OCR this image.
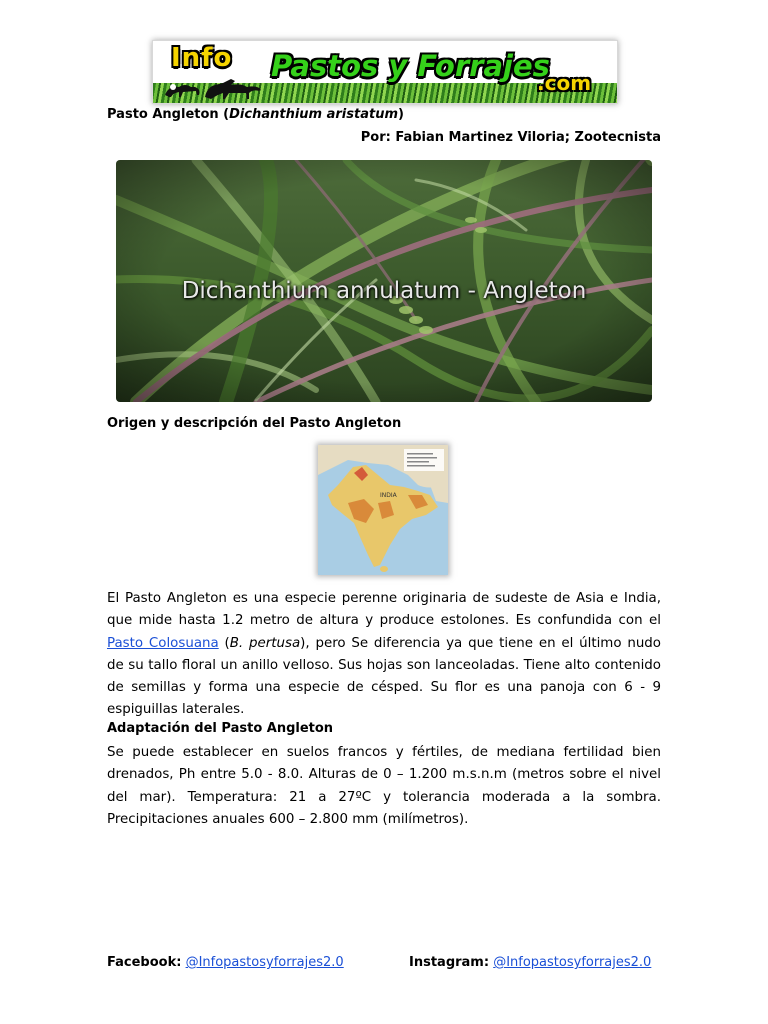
Info Pastos y Forrajes
.com
Pasto Angleton (Dichanthium aristatum)
Por: Fabian Martinez Viloria; Zootecnista
Dichanthium annulatum - Angleton
Origen y descripción del Pasto Angleton
INDIA
El Pasto Angleton es una especie perenne originaria de sudeste de Asia e India, que mide hasta 1.2 metro de altura y produce estolones. Es confundida con el Pasto Colosuana (B. pertusa), pero Se diferencia ya que tiene en el último nudo de su tallo floral un anillo velloso. Sus hojas son lanceoladas. Tiene alto contenido de semillas y forma una especie de césped. Su flor es una panoja con 6 - 9 espiguillas laterales.
Adaptación del Pasto Angleton
Se puede establecer en suelos francos y fértiles, de mediana fertilidad bien drenados, Ph entre 5.0 - 8.0. Alturas de 0 – 1.200 m.s.n.m (metros sobre el nivel del mar). Temperatura: 21 a 27ºC y tolerancia moderada a la sombra. Precipitaciones anuales 600 – 2.800 mm (milímetros).
Facebook: @Infopastosyforrajes2.0	Instagram: @Infopastosyforrajes2.0
